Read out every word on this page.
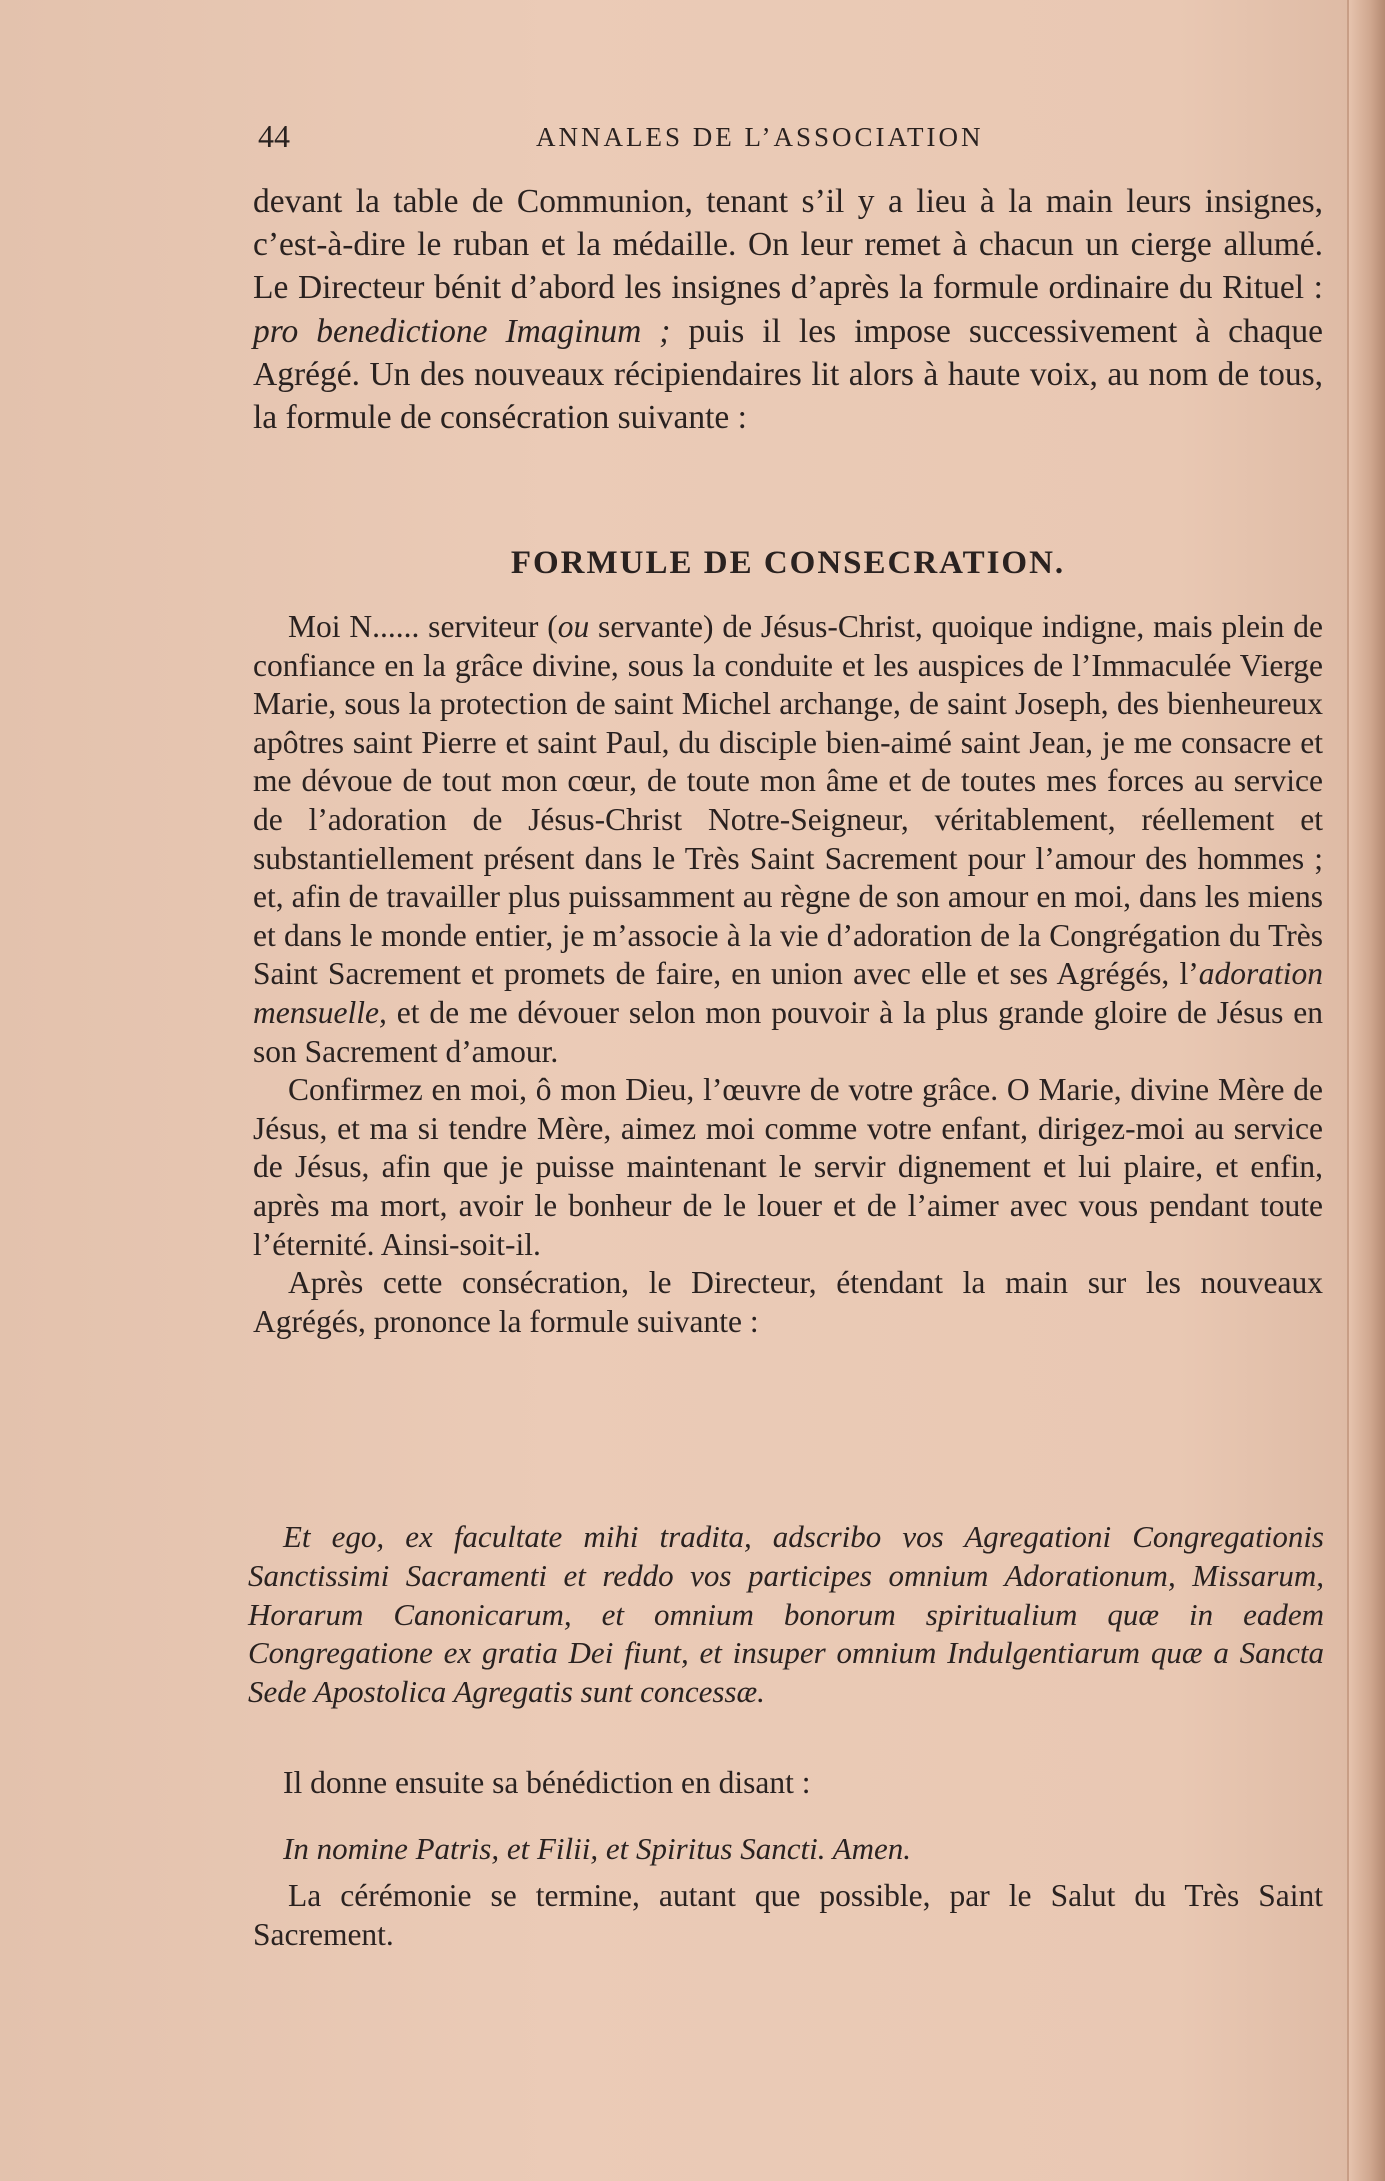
44	ANNALES DE L’ASSOCIATION

devant la table de Communion, tenant s’il y a lieu à la main leurs insignes, c’est-à-dire le ruban et la médaille. On leur remet à chacun un cierge allumé. Le Directeur bénit d’abord les insignes d’après la formule ordinaire du Rituel : pro benedictione Imaginum ; puis il les impose successivement à chaque Agrégé. Un des nouveaux récipiendaires lit alors à haute voix, au nom de tous, la formule de consécration suivante :

FORMULE DE CONSECRATION.

Moi N...... serviteur (ou servante) de Jésus-Christ, quoique indigne, mais plein de confiance en la grâce divine, sous la conduite et les auspices de l’Immaculée Vierge Marie, sous la protection de saint Michel archange, de saint Joseph, des bienheureux apôtres saint Pierre et saint Paul, du disciple bien-aimé saint Jean, je me consacre et me dévoue de tout mon cœur, de toute mon âme et de toutes mes forces au service de l’adoration de Jésus-Christ Notre-Seigneur, véritablement, réellement et substantiellement présent dans le Très Saint Sacrement pour l’amour des hommes ; et, afin de travailler plus puissamment au règne de son amour en moi, dans les miens et dans le monde entier, je m’associe à la vie d’adoration de la Congrégation du Très Saint Sacrement et promets de faire, en union avec elle et ses Agrégés, l’adoration mensuelle, et de me dévouer selon mon pouvoir à la plus grande gloire de Jésus en son Sacrement d’amour.

Confirmez en moi, ô mon Dieu, l’œuvre de votre grâce. O Marie, divine Mère de Jésus, et ma si tendre Mère, aimez moi comme votre enfant, dirigez-moi au service de Jésus, afin que je puisse maintenant le servir dignement et lui plaire, et enfin, après ma mort, avoir le bonheur de le louer et de l’aimer avec vous pendant toute l’éternité. Ainsi-soit-il.

Après cette consécration, le Directeur, étendant la main sur les nouveaux Agrégés, prononce la formule suivante :

Et ego, ex facultate mihi tradita, adscribo vos Agregationi Congregationis Sanctissimi Sacramenti et reddo vos participes omnium Adorationum, Missarum, Horarum Canonicarum, et omnium bonorum spiritualium quæ in eadem Congregatione ex gratia Dei fiunt, et insuper omnium Indulgentiarum quæ a Sancta Sede Apostolica Agregatis sunt concessæ.
Il donne ensuite sa bénédiction en disant :
In nomine Patris, et Filii, et Spiritus Sancti. Amen.

La cérémonie se termine, autant que possible, par le Salut du Très Saint Sacrement.
